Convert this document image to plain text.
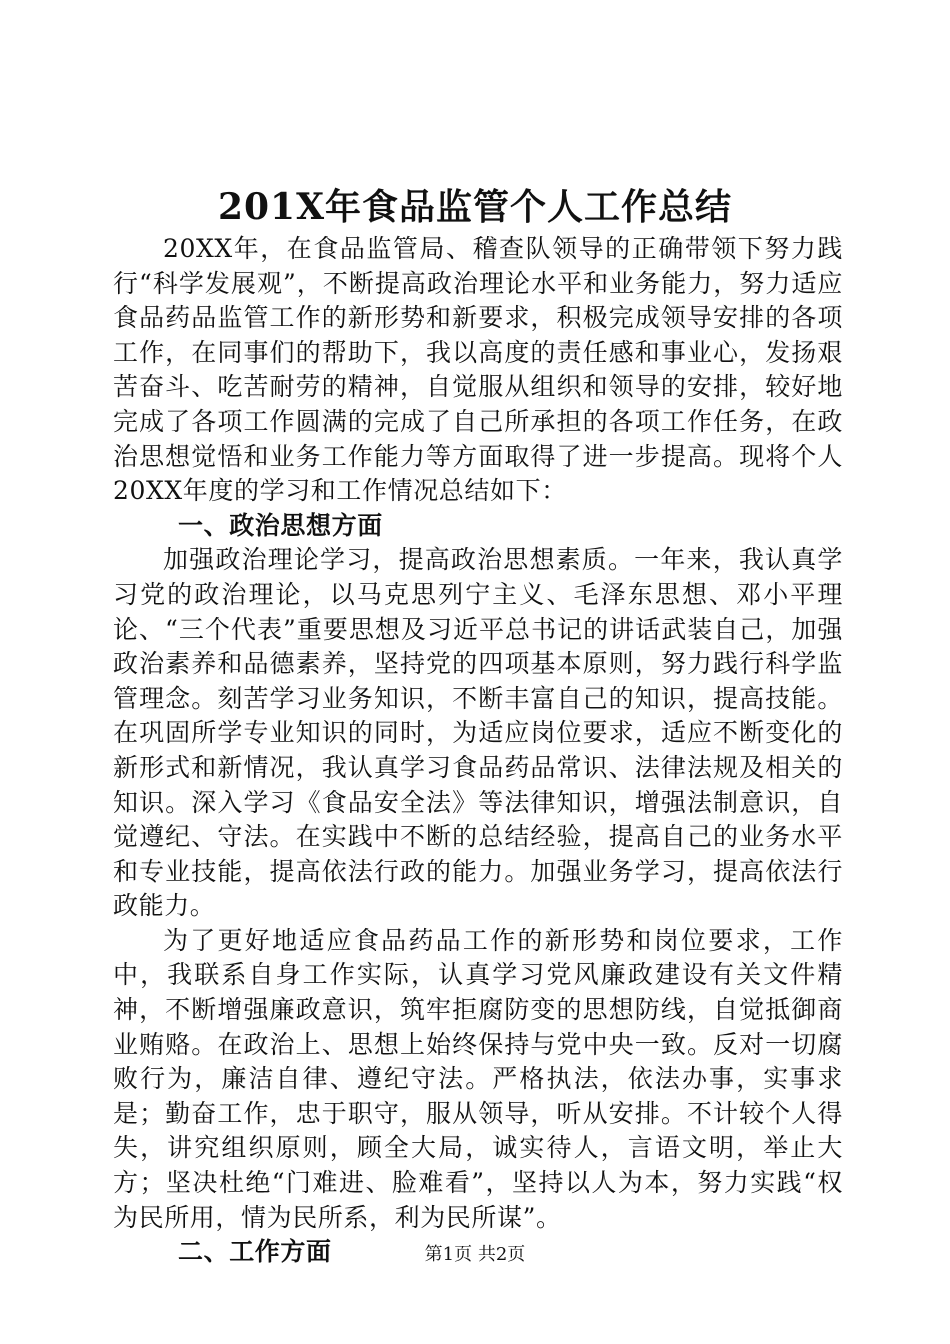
201X年食品监管个人工作总结

20XX年，在食品监管局、稽查队领导的正确带领下努力践行“科学发展观”，不断提高政治理论水平和业务能力，努力适应食品药品监管工作的新形势和新要求，积极完成领导安排的各项工作，在同事们的帮助下，我以高度的责任感和事业心，发扬艰苦奋斗、吃苦耐劳的精神，自觉服从组织和领导的安排，较好地完成了各项工作圆满的完成了自己所承担的各项工作任务，在政治思想觉悟和业务工作能力等方面取得了进一步提高。现将个人20XX年度的学习和工作情况总结如下：

一、政治思想方面

加强政治理论学习，提高政治思想素质。一年来，我认真学习党的政治理论，以马克思列宁主义、毛泽东思想、邓小平理论、“三个代表”重要思想及习近平总书记的讲话武装自己，加强政治素养和品德素养，坚持党的四项基本原则，努力践行科学监管理念。刻苦学习业务知识，不断丰富自己的知识，提高技能。在巩固所学专业知识的同时，为适应岗位要求，适应不断变化的新形式和新情况，我认真学习食品药品常识、法律法规及相关的知识。深入学习《食品安全法》等法律知识，增强法制意识，自觉遵纪、守法。在实践中不断的总结经验，提高自己的业务水平和专业技能，提高依法行政的能力。加强业务学习，提高依法行政能力。

为了更好地适应食品药品工作的新形势和岗位要求，工作中，我联系自身工作实际，认真学习党风廉政建设有关文件精神，不断增强廉政意识，筑牢拒腐防变的思想防线，自觉抵御商业贿赂。在政治上、思想上始终保持与党中央一致。反对一切腐败行为，廉洁自律、遵纪守法。严格执法，依法办事，实事求是；勤奋工作，忠于职守，服从领导，听从安排。不计较个人得失，讲究组织原则，顾全大局，诚实待人，言语文明，举止大方；坚决杜绝“门难进、脸难看”，坚持以人为本，努力实践“权为民所用，情为民所系，利为民所谋”。

二、工作方面	第1页 共2页
